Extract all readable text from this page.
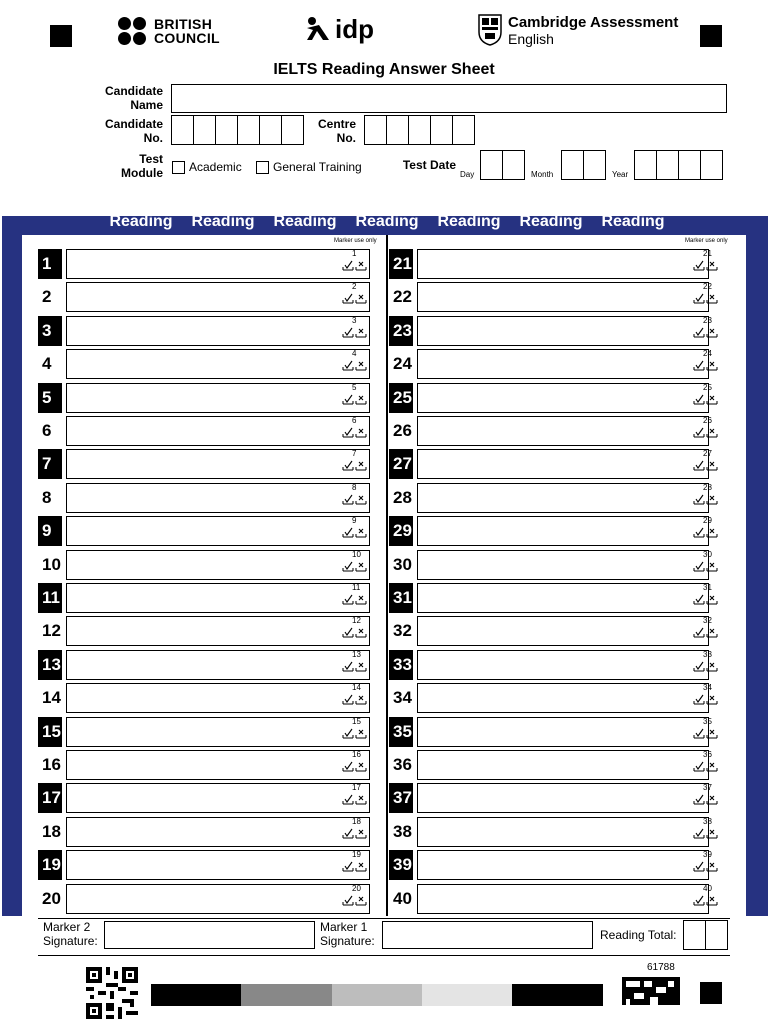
BRITISH
COUNCIL	idp	Cambridge Assessment
English
IELTS Reading Answer Sheet
Candidate
Name
Candidate
No.
Centre
No.
Test
Module Academic	General Training	Test Date
Day	Month	Year
Reading	Reading	Reading	Reading	Reading	Reading	Reading
Marker use only	Marker use only
1
1
2
2
3
3
4
4
5
5
6
6
7
7
8
8
9
9
10
10
11
11
12
12
13
13
14
14
15
15
16
16
17
17
18
18
19
19
20
20
21
21
22
22
23
23
24
24
25
25
26
26
27
27
28
28
29
29
30
30
31
31
32
32
33
33
34
34
35
35
36
36
37
37
38
38
39
39
40
40
Marker 2
Signature:
Marker 1
Signature:	Reading Total:
61788
